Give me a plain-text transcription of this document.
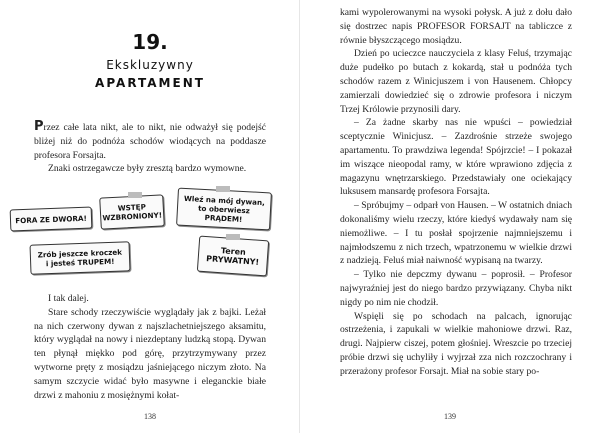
19.
Ekskluzywny
APARTAMENT

Przez całe lata nikt, ale to nikt, nie odważył się podejść bliżej niż do podnóża schodów wiodących na poddasze profesora Forsajta.

Znaki ostrzegawcze były zresztą bardzo wymowne.

FORA ZE DWORA!
WSTĘP
WZBRONIONY!
Wleź na mój dywan,
to oberwiesz
PRĄDEM!
Zrób jeszcze kroczek
i jesteś TRUPEM!
Teren
PRYWATNY!

I tak dalej.

Stare schody rzeczywiście wyglądały jak z bajki. Leżał na nich czerwony dywan z najszlachetniejszego aksamitu, który wyglądał na nowy i niezdeptany ludzką stopą. Dywan ten płynął miękko pod górę, przytrzymywany przez wytworne pręty z mosiądzu jaśniejącego niczym złoto. Na samym szczycie widać było masywne i eleganckie białe drzwi z mahoniu z mosiężnymi kołat-

138

kami wypolerowanymi na wysoki połysk. A już z dołu dało się dostrzec napis PROFESOR FORSAJT na tabliczce z równie błyszczącego mosiądzu.

Dzień po ucieczce nauczyciela z klasy Feluś, trzymając duże pudełko po butach z kokardą, stał u podnóża tych schodów razem z Winicjuszem i von Hausenem. Chłopcy zamierzali dowiedzieć się o zdrowie profesora i niczym Trzej Królowie przynosili dary.

– Za żadne skarby nas nie wpuści – powiedział sceptycznie Winicjusz. – Zazdrośnie strzeże swojego apartamentu. To prawdziwa legenda! Spójrzcie! – I pokazał im wiszące nieopodal ramy, w które wprawiono zdjęcia z magazynu wnętrzarskiego. Przedstawiały one ociekający luksusem mansardę profesora Forsajta.

– Spróbujmy – odparł von Hausen. – W ostatnich dniach dokonaliśmy wielu rzeczy, które kiedyś wydawały nam się niemożliwe. – I tu posłał spojrzenie najmniejszemu i najmłodszemu z nich trzech, wpatrzonemu w wielkie drzwi z nadzieją. Feluś miał naiwność wypisaną na twarzy.

– Tylko nie depczmy dywanu – poprosił. – Profesor najwyraźniej jest do niego bardzo przywiązany. Chyba nikt nigdy po nim nie chodził.

Wspięli się po schodach na palcach, ignorując ostrzeżenia, i zapukali w wielkie mahoniowe drzwi. Raz, drugi. Najpierw ciszej, potem głośniej. Wreszcie po trzeciej próbie drzwi się uchyliły i wyjrzał zza nich rozczochrany i przerażony profesor Forsajt. Miał na sobie stary po-

139
